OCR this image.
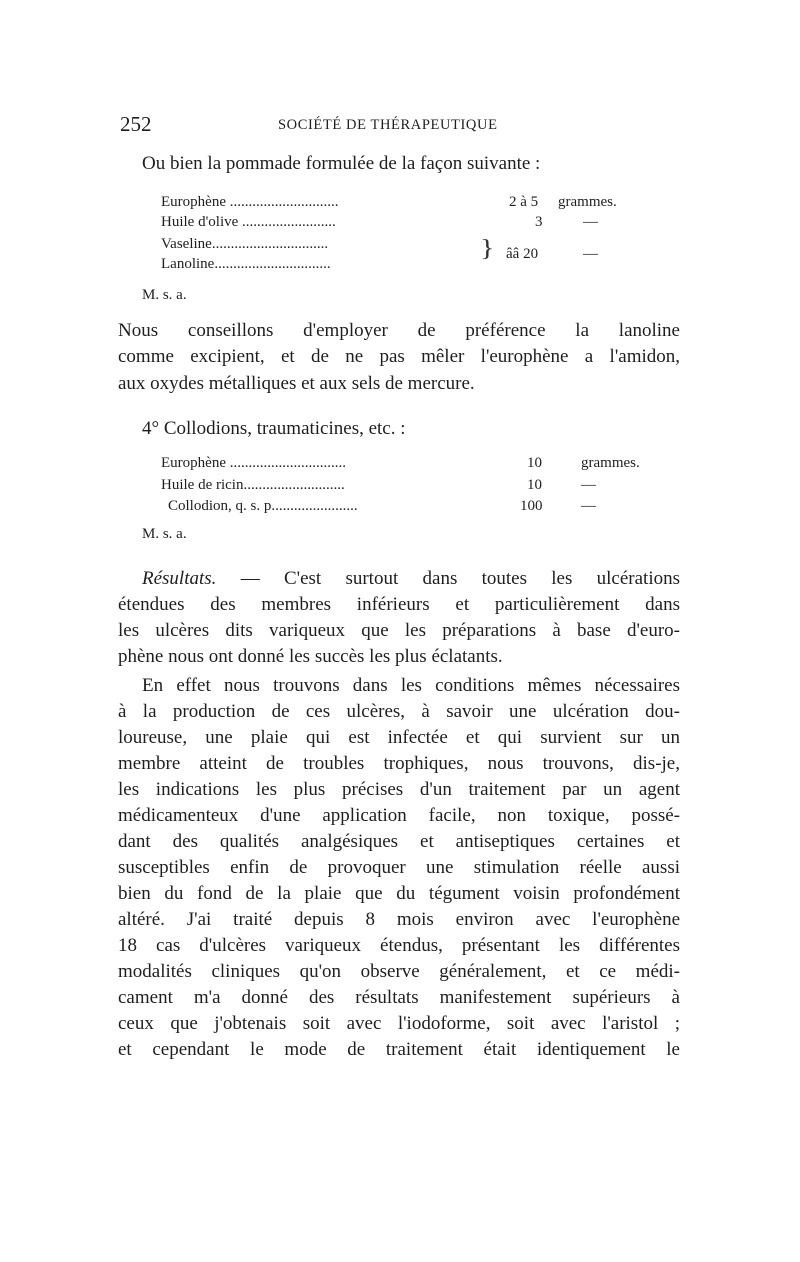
252	SOCIÉTÉ DE THÉRAPEUTIQUE
Ou bien la pommade formulée de la façon suivante :
Europhène .............................	2 à 5 grammes.
Huile d'olive .........................	3	—
Vaseline...............................
Lanoline...............................
} ââ 20	—
M. s. a.
Nous conseillons d'employer de préférence la lanoline
comme excipient, et de ne pas mêler l'europhène a l'amidon,
aux oxydes métalliques et aux sels de mercure.
4° Collodions, traumaticines, etc. :
Europhène ...............................	10	grammes.
Huile de ricin...........................	10	—
Collodion, q. s. p.......................	100	—
M. s. a.
Résultats. — C'est surtout dans toutes les ulcérations
étendues des membres inférieurs et particulièrement dans
les ulcères dits variqueux que les préparations à base d'euro-
phène nous ont donné les succès les plus éclatants.
En effet nous trouvons dans les conditions mêmes nécessaires
à la production de ces ulcères, à savoir une ulcération dou-
loureuse, une plaie qui est infectée et qui survient sur un
membre atteint de troubles trophiques, nous trouvons, dis-je,
les indications les plus précises d'un traitement par un agent
médicamenteux d'une application facile, non toxique, possé-
dant des qualités analgésiques et antiseptiques certaines et
susceptibles enfin de provoquer une stimulation réelle aussi
bien du fond de la plaie que du tégument voisin profondément
altéré. J'ai traité depuis 8 mois environ avec l'europhène
18 cas d'ulcères variqueux étendus, présentant les différentes
modalités cliniques qu'on observe généralement, et ce médi-
cament m'a donné des résultats manifestement supérieurs à
ceux que j'obtenais soit avec l'iodoforme, soit avec l'aristol ;
et cependant le mode de traitement était identiquement le
